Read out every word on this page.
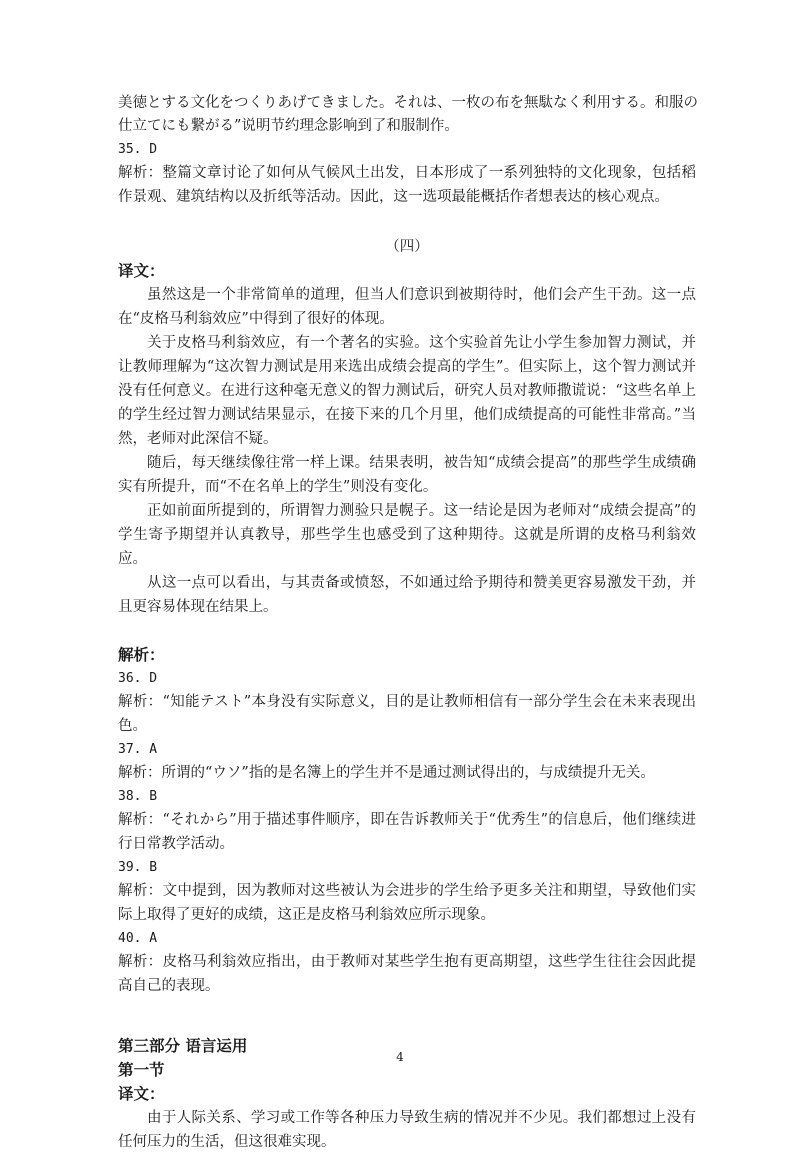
美徳とする文化をつくりあげてきました。それは、一枚の布を無駄なく利用する。和服の
仕立てにも繋がる”说明节约理念影响到了和服制作。
35. D

解析：整篇文章讨论了如何从气候风土出发，日本形成了一系列独特的文化现象，包括稻作景观、建筑结构以及折纸等活动。因此，这一选项最能概括作者想表达的核心观点。

（四）
译文：

虽然这是一个非常简单的道理，但当人们意识到被期待时，他们会产生干劲。这一点在“皮格马利翁效应”中得到了很好的体现。

关于皮格马利翁效应，有一个著名的实验。这个实验首先让小学生参加智力测试，并让教师理解为“这次智力测试是用来选出成绩会提高的学生”。但实际上，这个智力测试并没有任何意义。在进行这种毫无意义的智力测试后，研究人员对教师撒谎说：“这些名单上的学生经过智力测试结果显示，在接下来的几个月里，他们成绩提高的可能性非常高。”当然，老师对此深信不疑。

随后，每天继续像往常一样上课。结果表明，被告知“成绩会提高”的那些学生成绩确实有所提升，而“不在名单上的学生”则没有变化。

正如前面所提到的，所谓智力测验只是幌子。这一结论是因为老师对“成绩会提高”的学生寄予期望并认真教导，那些学生也感受到了这种期待。这就是所谓的皮格马利翁效应。

从这一点可以看出，与其责备或愤怒，不如通过给予期待和赞美更容易激发干劲，并且更容易体现在结果上。

解析：
36. D

解析：“知能テスト”本身没有实际意义，目的是让教师相信有一部分学生会在未来表现出色。

37. A

解析：所谓的“ウソ”指的是名簿上的学生并不是通过测试得出的，与成绩提升无关。

38. B

解析：“それから”用于描述事件顺序，即在告诉教师关于“优秀生”的信息后，他们继续进行日常教学活动。

39. B

解析：文中提到，因为教师对这些被认为会进步的学生给予更多关注和期望，导致他们实际上取得了更好的成绩，这正是皮格马利翁效应所示现象。

40. A

解析：皮格马利翁效应指出，由于教师对某些学生抱有更高期望，这些学生往往会因此提高自己的表现。

第三部分 语言运用
第一节
译文：

由于人际关系、学习或工作等各种压力导致生病的情况并不少见。我们都想过上没有任何压力的生活，但这很难实现。

4
